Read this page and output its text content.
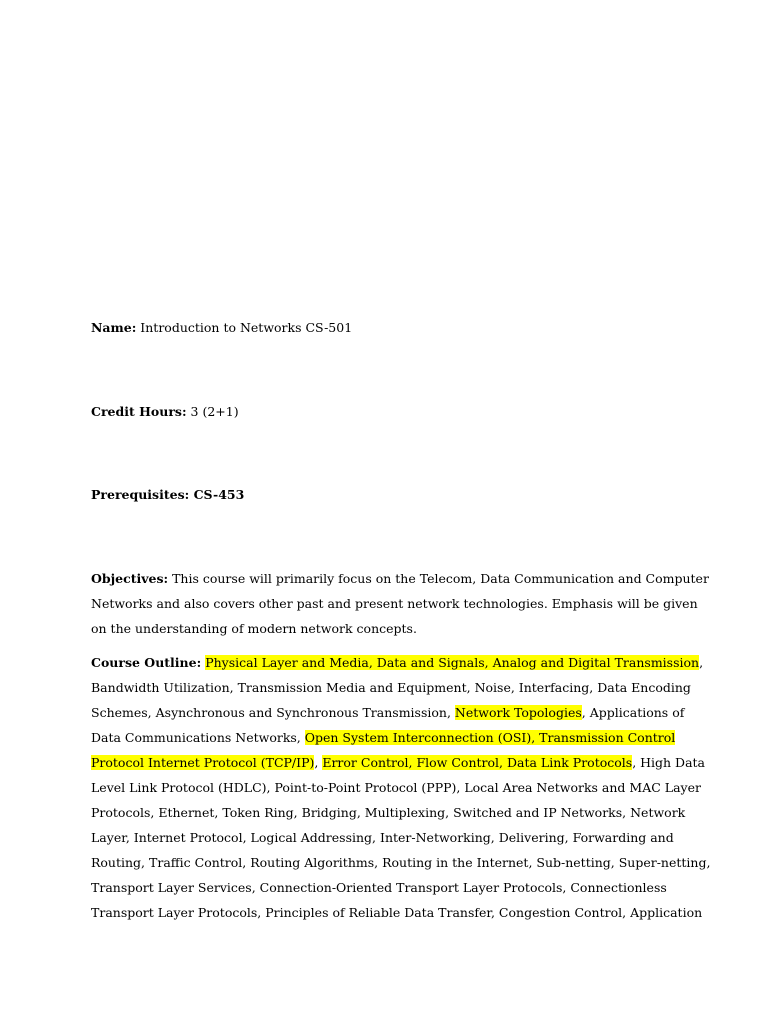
Name: Introduction to Networks CS-501
Credit Hours: 3 (2+1)
Prerequisites: CS-453
Objectives: This course will primarily focus on the Telecom, Data Communication and Computer
Networks and also covers other past and present network technologies. Emphasis will be given
on the understanding of modern network concepts.
Course Outline: Physical Layer and Media, Data and Signals, Analog and Digital Transmission,
Bandwidth Utilization, Transmission Media and Equipment, Noise, Interfacing, Data Encoding
Schemes, Asynchronous and Synchronous Transmission, Network Topologies, Applications of
Data Communications Networks, Open System Interconnection (OSI), Transmission Control
Protocol Internet Protocol (TCP/IP), Error Control, Flow Control, Data Link Protocols, High Data
Level Link Protocol (HDLC), Point-to-Point Protocol (PPP), Local Area Networks and MAC Layer
Protocols, Ethernet, Token Ring, Bridging, Multiplexing, Switched and IP Networks, Network
Layer, Internet Protocol, Logical Addressing, Inter-Networking, Delivering, Forwarding and
Routing, Traffic Control, Routing Algorithms, Routing in the Internet, Sub-netting, Super-netting,
Transport Layer Services, Connection-Oriented Transport Layer Protocols, Connectionless
Transport Layer Protocols, Principles of Reliable Data Transfer, Congestion Control, Application
